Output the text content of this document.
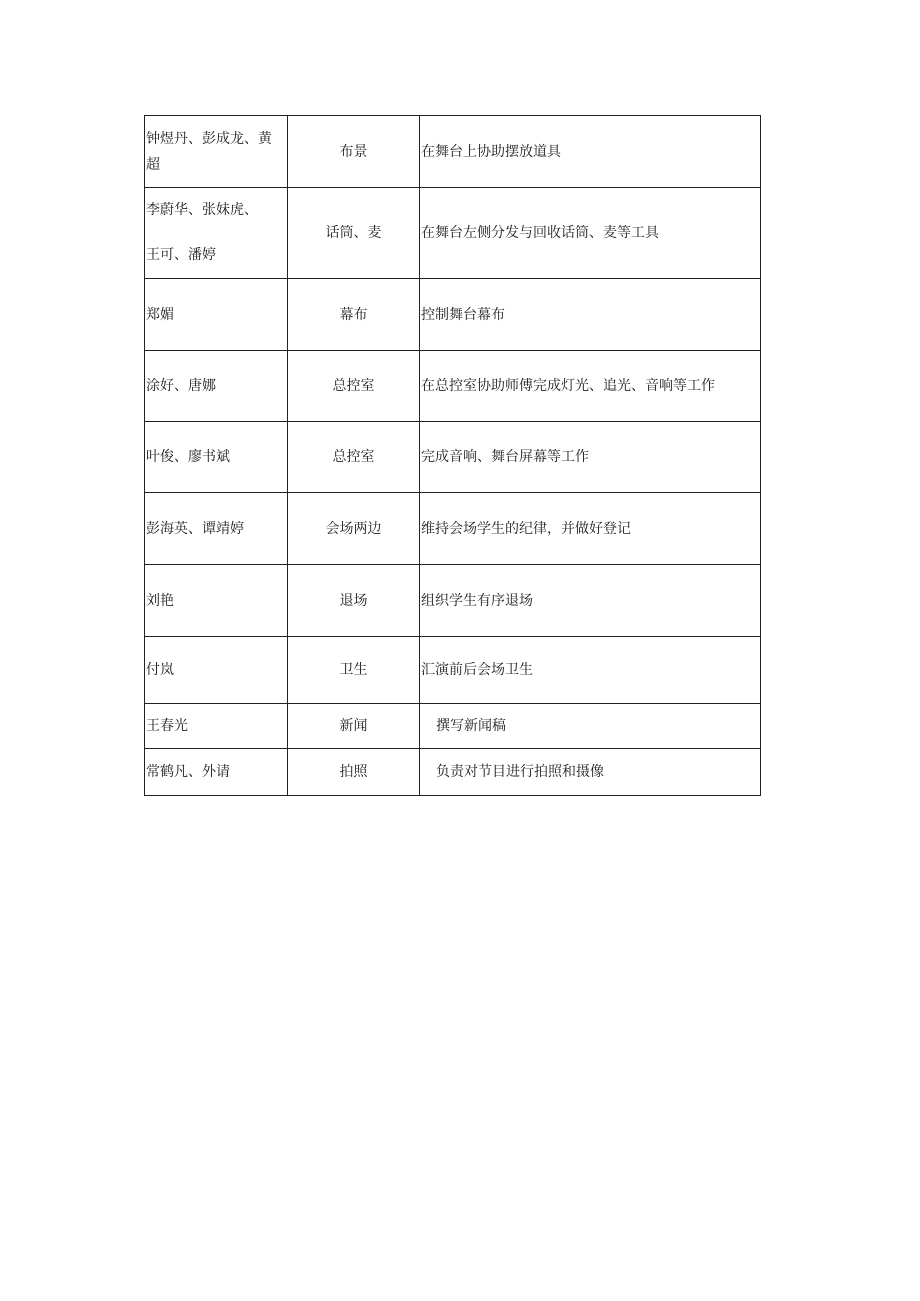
钟煜丹、彭成龙、黄超	布景	在舞台上协助摆放道具

李蔚华、张妹虎、
王可、潘婷	话筒、麦	在舞台左侧分发与回收话筒、麦等工具

郑媚	幕布	控制舞台幕布

涂好、唐娜	总控室	在总控室协助师傅完成灯光、追光、音响等工作

叶俊、廖书斌	总控室	完成音响、舞台屏幕等工作

彭海英、谭靖婷	会场两边	维持会场学生的纪律，并做好登记

刘艳	退场	组织学生有序退场

付岚	卫生	汇演前后会场卫生

王春光	新闻	撰写新闻稿

常鹤凡、外请	拍照	负责对节目进行拍照和摄像
